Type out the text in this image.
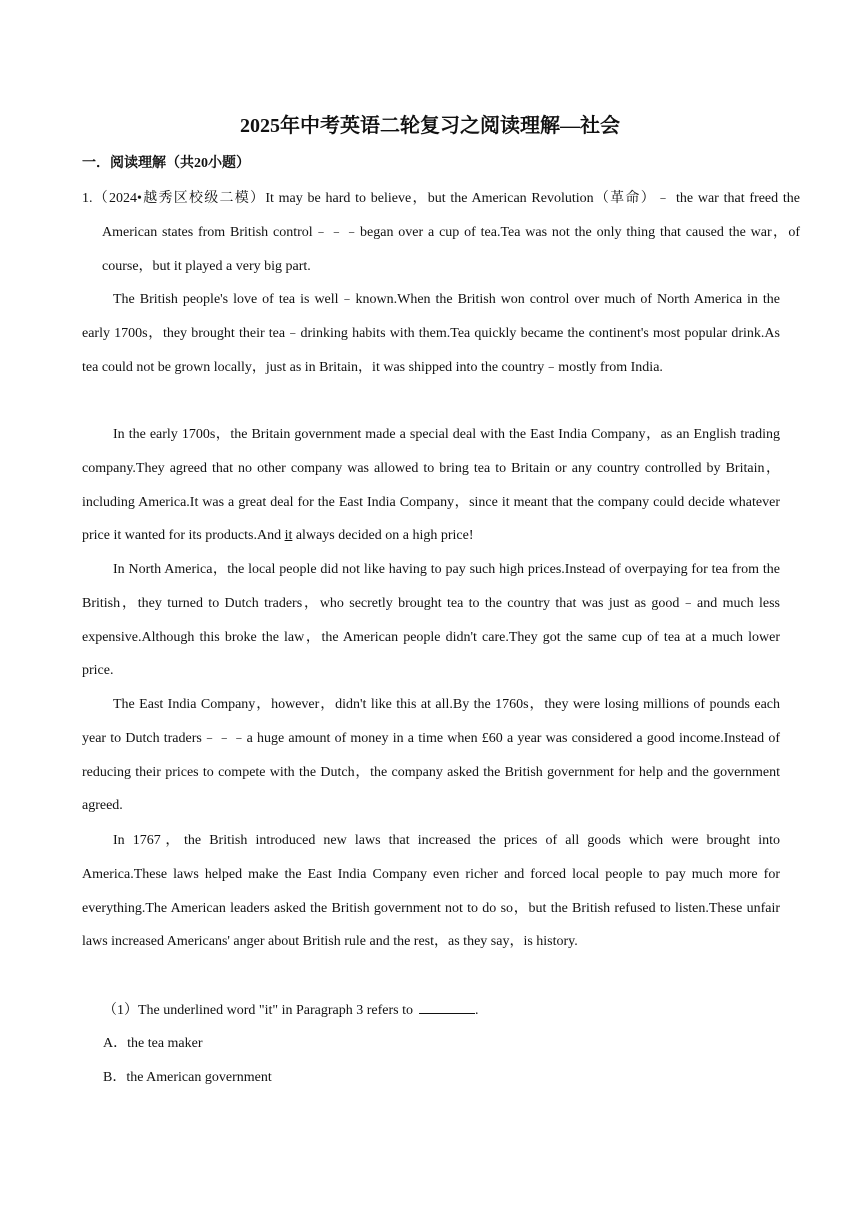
2025年中考英语二轮复习之阅读理解—社会
一．阅读理解（共20小题）

1.（2024•越秀区校级二模）It may be hard to believe，but the American Revolution（革命）﹣ the war that freed the American states from British control﹣﹣﹣began over a cup of tea.Tea was not the only thing that caused the war，of course，but it played a very big part.

The British people's love of tea is well﹣known.When the British won control over much of North America in the early 1700s，they brought their tea﹣drinking habits with them.Tea quickly became the continent's most popular drink.As tea could not be grown locally，just as in Britain，it was shipped into the country﹣mostly from India.

In the early 1700s，the Britain government made a special deal with the East India Company，as an English trading company.They agreed that no other company was allowed to bring tea to Britain or any country controlled by Britain，including America.It was a great deal for the East India Company，since it meant that the company could decide whatever price it wanted for its products.And it always decided on a high price!

In North America，the local people did not like having to pay such high prices.Instead of overpaying for tea from the British，they turned to Dutch traders，who secretly brought tea to the country that was just as good﹣and much less expensive.Although this broke the law，the American people didn't care.They got the same cup of tea at a much lower price.

The East India Company，however，didn't like this at all.By the 1760s，they were losing millions of pounds each year to Dutch traders﹣﹣﹣a huge amount of money in a time when £60 a year was considered a good income.Instead of reducing their prices to compete with the Dutch，the company asked the British government for help and the government agreed.

In 1767，the British introduced new laws that increased the prices of all goods which were brought into America.These laws helped make the East India Company even richer and forced local people to pay much more for everything.The American leaders asked the British government not to do so，but the British refused to listen.These unfair laws increased Americans' anger about British rule and the rest，as they say，is history.

（1）The underlined word "it" in Paragraph 3 refers to	.
A．the tea maker
B．the American government
